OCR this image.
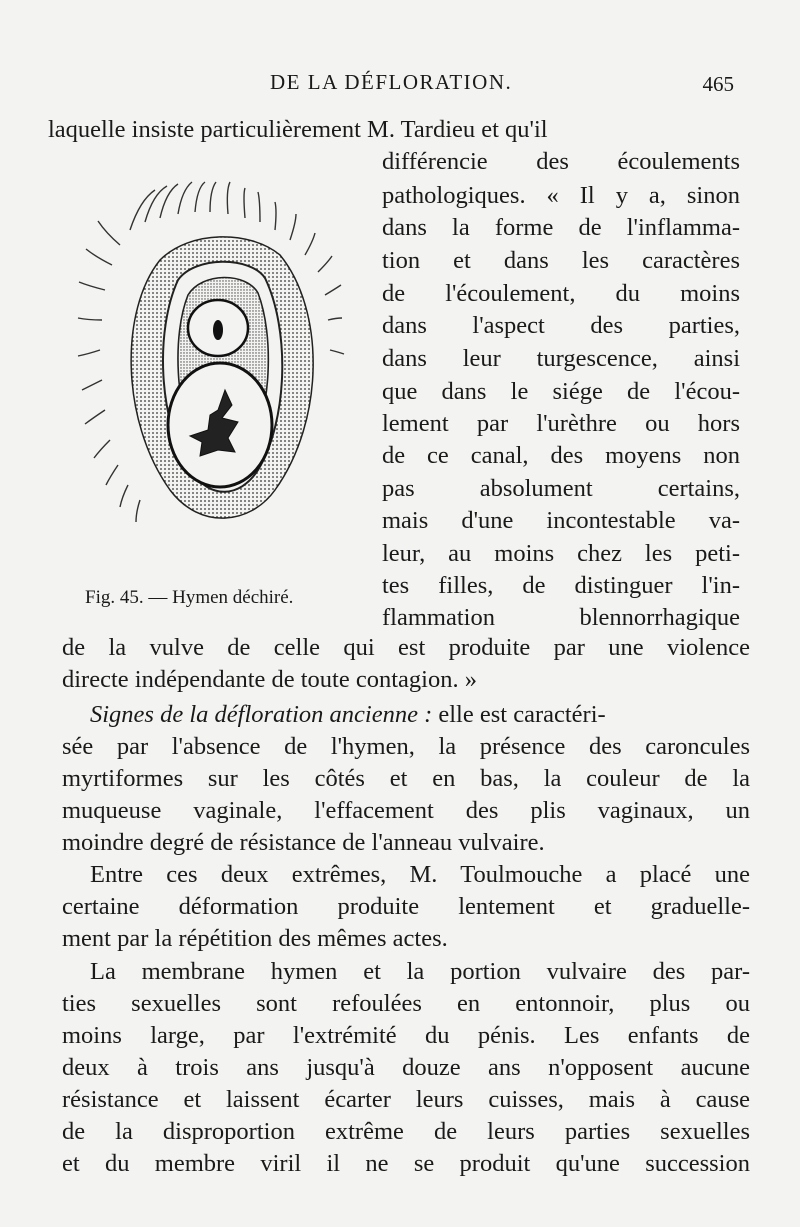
DE LA DÉFLORATION.	465
laquelle insiste particulièrement M. Tardieu et qu'il
différencie des écoulements
pathologiques. « Il y a, sinon
dans la forme de l'inflamma-
tion et dans les caractères
de l'écoulement, du moins
dans l'aspect des parties,
dans leur turgescence, ainsi
que dans le siége de l'écou-
lement par l'urèthre ou hors
de ce canal, des moyens non
pas absolument certains,
mais d'une incontestable va-
leur, au moins chez les peti-
tes filles, de distinguer l'in-
flammation blennorrhagique
Fig. 45. — Hymen déchiré.
de la vulve de celle qui est produite par une violence
directe indépendante de toute contagion. »
Signes de la défloration ancienne : elle est caractéri-
sée par l'absence de l'hymen, la présence des caroncules
myrtiformes sur les côtés et en bas, la couleur de la
muqueuse vaginale, l'effacement des plis vaginaux, un
moindre degré de résistance de l'anneau vulvaire.
Entre ces deux extrêmes, M. Toulmouche a placé une
certaine déformation produite lentement et graduelle-
ment par la répétition des mêmes actes.
La membrane hymen et la portion vulvaire des par-
ties sexuelles sont refoulées en entonnoir, plus ou
moins large, par l'extrémité du pénis. Les enfants de
deux à trois ans jusqu'à douze ans n'opposent aucune
résistance et laissent écarter leurs cuisses, mais à cause
de la disproportion extrême de leurs parties sexuelles
et du membre viril il ne se produit qu'une succession
